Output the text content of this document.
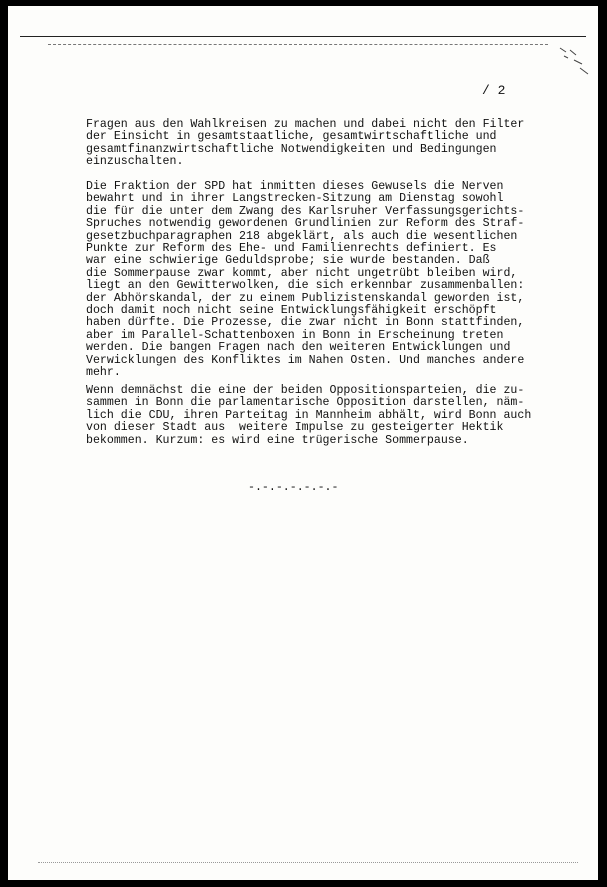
/ 2
Fragen aus den Wahlkreisen zu machen und dabei nicht den Filter
der Einsicht in gesamtstaatliche, gesamtwirtschaftliche und
gesamtfinanzwirtschaftliche Notwendigkeiten und Bedingungen
einzuschalten.
Die Fraktion der SPD hat inmitten dieses Gewusels die Nerven
bewahrt und in ihrer Langstrecken-Sitzung am Dienstag sowohl
die für die unter dem Zwang des Karlsruher Verfassungsgerichts-
Spruches notwendig gewordenen Grundlinien zur Reform des Straf-
gesetzbuchparagraphen 218 abgeklärt, als auch die wesentlichen
Punkte zur Reform des Ehe- und Familienrechts definiert. Es
war eine schwierige Geduldsprobe; sie wurde bestanden. Daß
die Sommerpause zwar kommt, aber nicht ungetrübt bleiben wird,
liegt an den Gewitterwolken, die sich erkennbar zusammenballen:
der Abhörskandal, der zu einem Publizistenskandal geworden ist,
doch damit noch nicht seine Entwicklungsfähigkeit erschöpft
haben dürfte. Die Prozesse, die zwar nicht in Bonn stattfinden,
aber im Parallel-Schattenboxen in Bonn in Erscheinung treten
werden. Die bangen Fragen nach den weiteren Entwicklungen und
Verwicklungen des Konfliktes im Nahen Osten. Und manches andere
mehr.
Wenn demnächst die eine der beiden Oppositionsparteien, die zu-
sammen in Bonn die parlamentarische Opposition darstellen, näm-
lich die CDU, ihren Parteitag in Mannheim abhält, wird Bonn auch
von dieser Stadt aus  weitere Impulse zu gesteigerter Hektik
bekommen. Kurzum: es wird eine trügerische Sommerpause.
-.-.-.-.-.-.-
